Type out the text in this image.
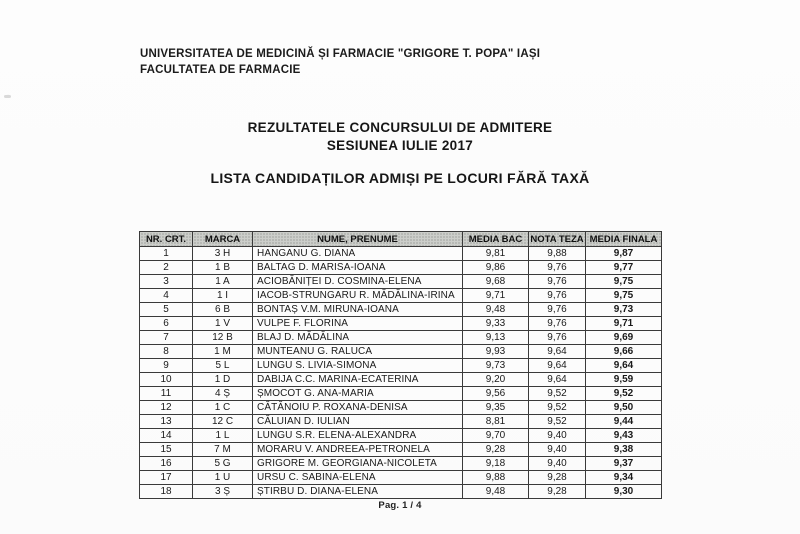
UNIVERSITATEA DE MEDICINĂ ȘI FARMACIE "GRIGORE T. POPA" IAȘI
FACULTATEA DE FARMACIE
REZULTATELE CONCURSULUI DE ADMITERE
SESIUNEA IULIE 2017
LISTA CANDIDAȚILOR ADMIȘI PE LOCURI FĂRĂ TAXĂ
NR. CRT.	MARCA	NUME, PRENUME	MEDIA BAC	NOTA TEZA	MEDIA FINALA
1	3 H	HANGANU G. DIANA	9,81	9,88	9,87
2	1 B	BALTAG D. MARISA-IOANA	9,86	9,76	9,77
3	1 A	ACIOBĂNIȚEI D. COSMINA-ELENA	9,68	9,76	9,75
4	1 I	IACOB-STRUNGARU R. MĂDĂLINA-IRINA	9,71	9,76	9,75
5	6 B	BONTAȘ V.M. MIRUNA-IOANA	9,48	9,76	9,73
6	1 V	VULPE F. FLORINA	9,33	9,76	9,71
7	12 B	BLAJ D. MĂDĂLINA	9,13	9,76	9,69
8	1 M	MUNTEANU G. RALUCA	9,93	9,64	9,66
9	5 L	LUNGU S. LIVIA-SIMONA	9,73	9,64	9,64
10	1 D	DABIJA C.C. MARINA-ECATERINA	9,20	9,64	9,59
11	4 Ș	ȘMOCOT G. ANA-MARIA	9,56	9,52	9,52
12	1 C	CĂTĂNOIU P. ROXANA-DENISA	9,35	9,52	9,50
13	12 C	CĂLUIAN D. IULIAN	8,81	9,52	9,44
14	1 L	LUNGU S.R. ELENA-ALEXANDRA	9,70	9,40	9,43
15	7 M	MORARU V. ANDREEA-PETRONELA	9,28	9,40	9,38
16	5 G	GRIGORE M. GEORGIANA-NICOLETA	9,18	9,40	9,37
17	1 U	URSU C. SABINA-ELENA	9,88	9,28	9,34
18	3 Ș	ȘTIRBU D. DIANA-ELENA	9,48	9,28	9,30
Pag. 1 / 4
